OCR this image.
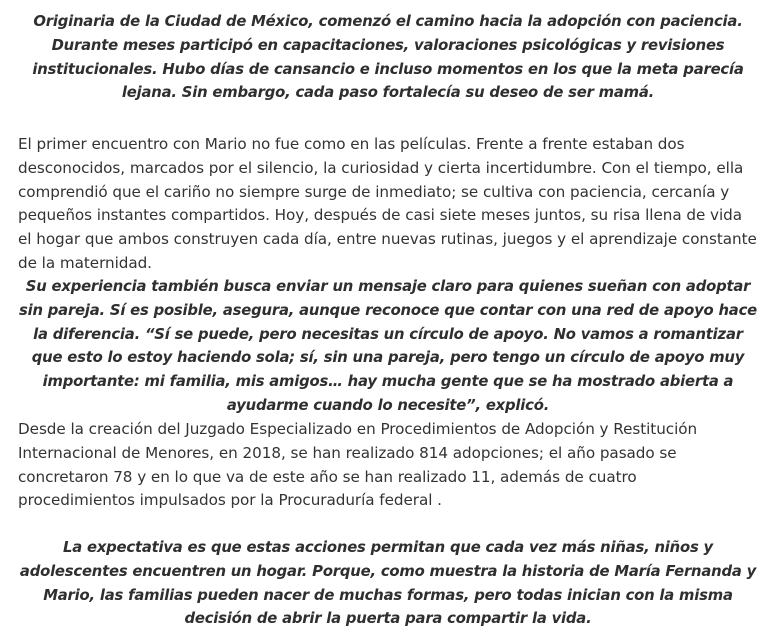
Originaria de la Ciudad de México, comenzó el camino hacia la adopción con paciencia. Durante meses participó en capacitaciones, valoraciones psicológicas y revisiones institucionales. Hubo días de cansancio e incluso momentos en los que la meta parecía lejana. Sin embargo, cada paso fortalecía su deseo de ser mamá.

El primer encuentro con Mario no fue como en las películas. Frente a frente estaban dos desconocidos, marcados por el silencio, la curiosidad y cierta incertidumbre. Con el tiempo, ella comprendió que el cariño no siempre surge de inmediato; se cultiva con paciencia, cercanía y pequeños instantes compartidos. Hoy, después de casi siete meses juntos, su risa llena de vida el hogar que ambos construyen cada día, entre nuevas rutinas, juegos y el aprendizaje constante de la maternidad.

Su experiencia también busca enviar un mensaje claro para quienes sueñan con adoptar sin pareja. Sí es posible, asegura, aunque reconoce que contar con una red de apoyo hace la diferencia. “Sí se puede, pero necesitas un círculo de apoyo. No vamos a romantizar que esto lo estoy haciendo sola; sí, sin una pareja, pero tengo un círculo de apoyo muy importante: mi familia, mis amigos… hay mucha gente que se ha mostrado abierta a ayudarme cuando lo necesite”, explicó.

Desde la creación del Juzgado Especializado en Procedimientos de Adopción y Restitución Internacional de Menores, en 2018, se han realizado 814 adopciones; el año pasado se concretaron 78 y en lo que va de este año se han realizado 11, además de cuatro procedimientos impulsados por la Procuraduría federal .

La expectativa es que estas acciones permitan que cada vez más niñas, niños y adolescentes encuentren un hogar. Porque, como muestra la historia de María Fernanda y Mario, las familias pueden nacer de muchas formas, pero todas inician con la misma decisión de abrir la puerta para compartir la vida.
